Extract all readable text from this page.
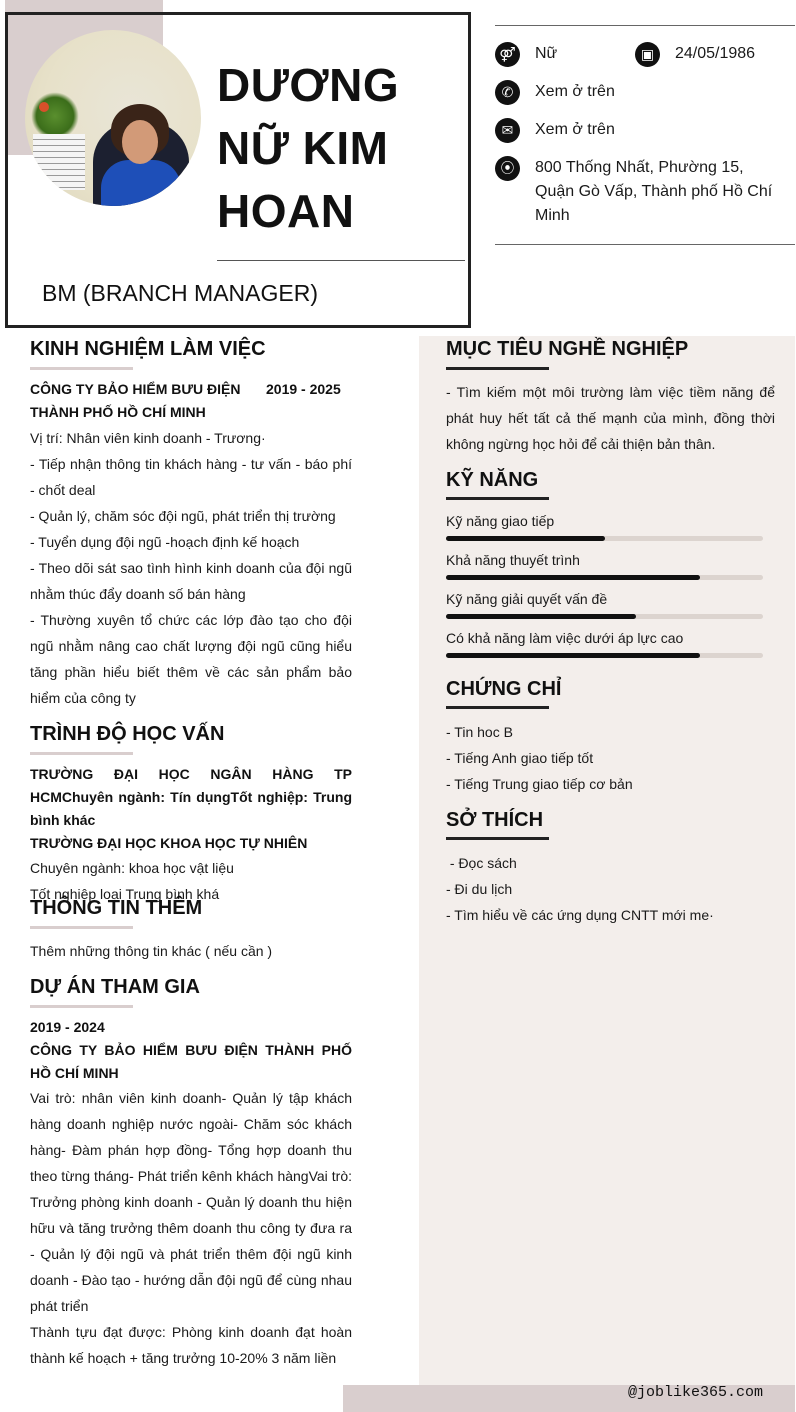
DƯƠNG
NỮ KIM
HOAN
BM (BRANCH MANAGER)
⚤ Nữ	▣	24/05/1986
✆	Xem ở trên
✉	Xem ở trên
⦿	800 Thống Nhất, Phường 15, Quận Gò Vấp, Thành phố Hồ Chí Minh
KINH NGHIỆM LÀM VIỆC
CÔNG TY BẢO HIỂM BƯU ĐIỆN THÀNH PHỐ HỒ CHÍ MINH
2019 - 2025
Vị trí: Nhân viên kinh doanh - Trương·
- Tiếp nhận thông tin khách hàng - tư vấn - báo phí - chốt deal
- Quản lý, chăm sóc đội ngũ, phát triển thị trường
- Tuyển dụng đội ngũ -hoạch định kế hoạch
- Theo dõi sát sao tình hình kinh doanh của đội ngũ nhằm thúc đẩy doanh số bán hàng
- Thường xuyên tổ chức các lớp đào tạo cho đội ngũ nhằm nâng cao chất lượng đội ngũ cũng hiểu tăng phần hiểu biết thêm về các sản phẩm bảo hiểm của công ty
TRÌNH ĐỘ HỌC VẤN
TRƯỜNG ĐẠI HỌC NGÂN HÀNG TP HCMChuyên ngành: Tín dụngTốt nghiệp: Trung bình khác
TRƯỜNG ĐẠI HỌC KHOA HỌC TỰ NHIÊN
Chuyên ngành: khoa học vật liệu
Tốt nghiệp loại Trung bình khá
THÔNG TIN THÊM
Thêm những thông tin khác ( nếu cần )
DỰ ÁN THAM GIA
2019 - 2024
CÔNG TY BẢO HIỂM BƯU ĐIỆN THÀNH PHỐ HỒ CHÍ MINH
Vai trò: nhân viên kinh doanh- Quản lý tập khách hàng doanh nghiệp nước ngoài- Chăm sóc khách hàng- Đàm phán hợp đồng- Tổng hợp doanh thu theo từng tháng- Phát triển kênh khách hàngVai trò: Trưởng phòng kinh doanh - Quản lý doanh thu hiện hữu và tăng trưởng thêm doanh thu công ty đưa ra - Quản lý đội ngũ và phát triển thêm đội ngũ kinh doanh - Đào tạo - hướng dẫn đội ngũ để cùng nhau phát triển
Thành tựu đạt được: Phòng kinh doanh đạt hoàn thành kế hoạch + tăng trưởng 10-20% 3 năm liền
MỤC TIÊU NGHỀ NGHIỆP
- Tìm kiếm một môi trường làm việc tiềm năng để phát huy hết tất cả thế mạnh của mình, đồng thời không ngừng học hỏi để cải thiện bản thân.
KỸ NĂNG
Kỹ năng giao tiếp
Khả năng thuyết trình
Kỹ năng giải quyết vấn đề
Có khả năng làm việc dưới áp lực cao
CHỨNG CHỈ
- Tin hoc B
- Tiếng Anh giao tiếp tốt
- Tiếng Trung giao tiếp cơ bản
SỞ THÍCH
- Đọc sách
- Đi du lịch
- Tìm hiểu về các ứng dụng CNTT mới me·
@joblike365.com
